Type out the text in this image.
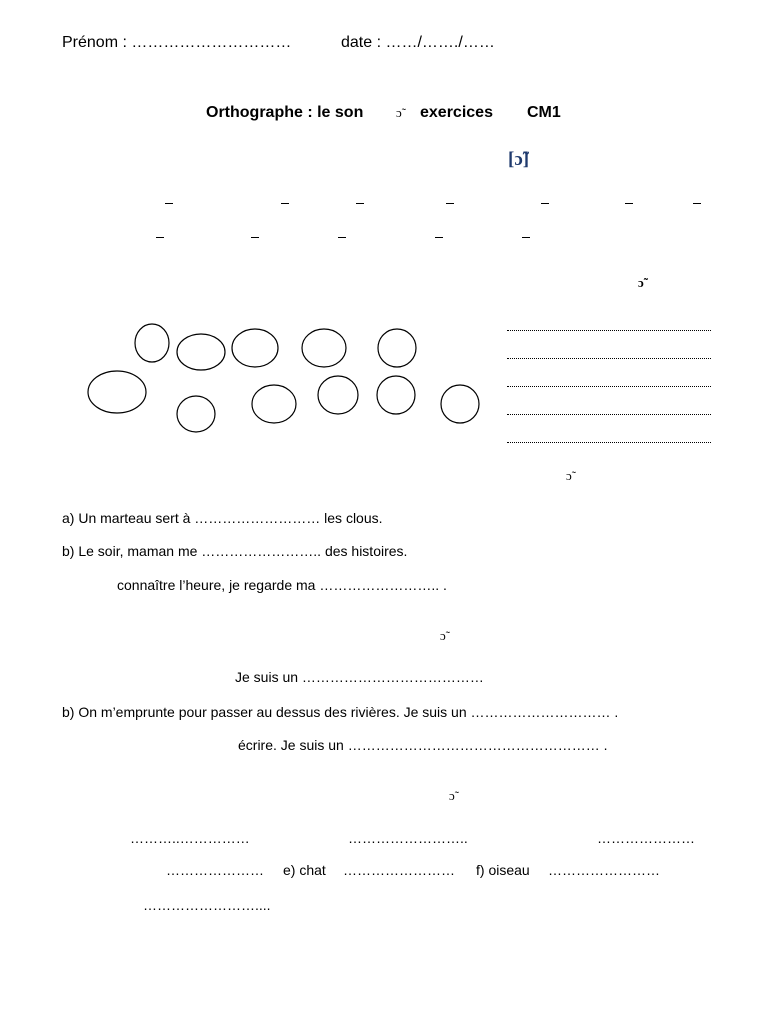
Prénom : …………………………	date : ……/……./……
Orthographe : le son	ɔ̃ exercices CM1
[ɔ̃]
ɔ̃
ɔ̃
a) Un marteau sert à ……………………… les clous.
b) Le soir, maman me …………………….. des histoires.
connaître l’heure, je regarde ma …………………….. .
ɔ̃
Je suis un …………………………………
b) On m’emprunte pour passer au dessus des rivières. Je suis un ………………………… .
écrire. Je suis un ……………………………………………… .
ɔ̃
………..……………	……………………..	…………………
………………… e) chat …………………… f) oiseau ……………………
……………………....
